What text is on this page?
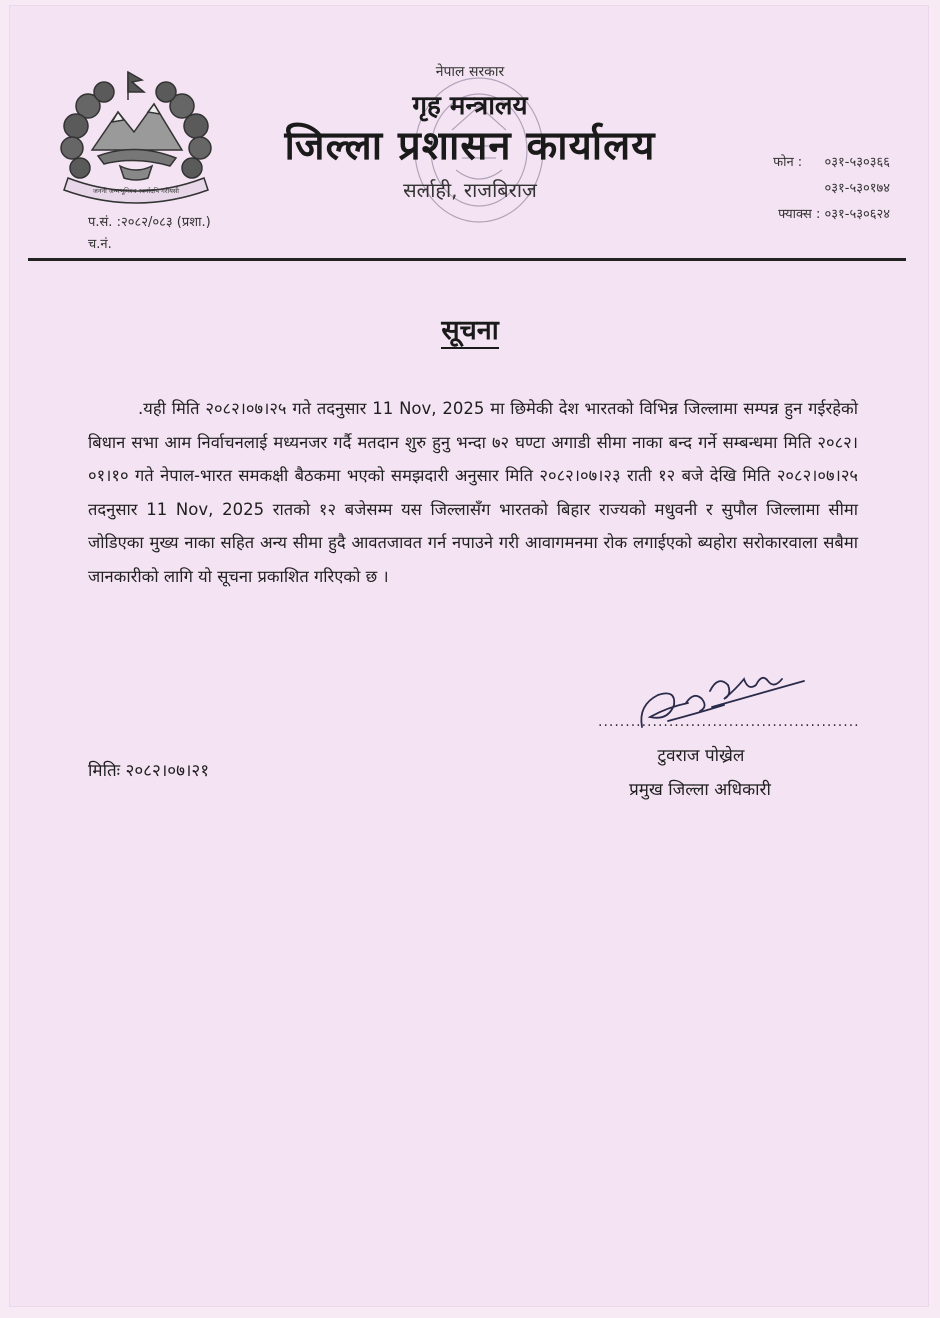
जननी जन्मभूमिश्च स्वर्गादपि गरीयसी
नेपाल सरकार
गृह मन्त्रालय
जिल्ला प्रशासन कार्यालय
सर्लाही, राजबिराज
फोन : ०३१-५३०३६६
०३१-५३०१७४
फ्याक्स : ०३१-५३०६२४
प.सं. :२०८२/०८३ (प्रशा.)
च.नं.
सूचना

.यही मिति २०८२।०७।२५ गते तदनुसार 11 Nov, 2025 मा छिमेकी देश भारतको विभिन्न जिल्लामा सम्पन्न हुन गईरहेको बिधान सभा आम निर्वाचनलाई मध्यनजर गर्दै मतदान शुरु हुनु भन्दा ७२ घण्टा अगाडी सीमा नाका बन्द गर्ने सम्बन्धमा मिति २०८२।०१।१० गते नेपाल-भारत समकक्षी बैठकमा भएको समझदारी अनुसार मिति २०८२।०७।२३ राती १२ बजे देखि मिति २०८२।०७।२५ तदनुसार 11 Nov, 2025 रातको १२ बजेसम्म यस जिल्लासँग भारतको बिहार राज्यको मधुवनी र सुपौल जिल्लामा सीमा जोडिएका मुख्य नाका सहित अन्य सीमा हुदै आवतजावत गर्न नपाउने गरी आवागमनमा रोक लगाईएको ब्यहोरा सरोकारवाला सबैमा जानकारीको लागि यो सूचना प्रकाशित गरिएको छ ।

................................................
टुवराज पोख्रेल
प्रमुख जिल्ला अधिकारी
मितिः २०८२।०७।२१
